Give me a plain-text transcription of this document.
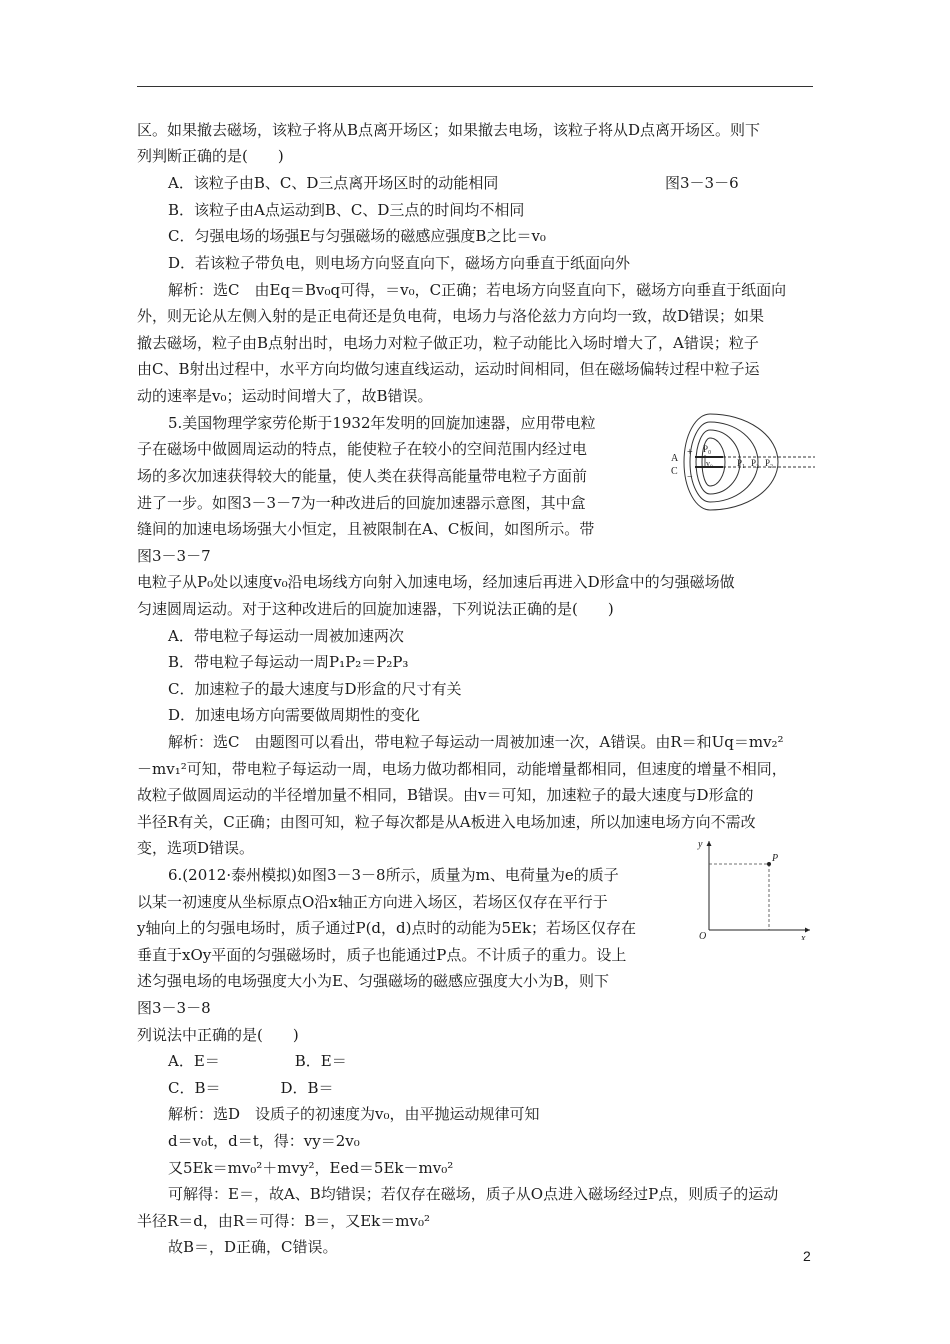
区。如果撤去磁场，该粒子将从B点离开场区；如果撤去电场，该粒子将从D点离开场区。则下
列判断正确的是(　　)
A．该粒子由B、C、D三点离开场区时的动能相同	图3－3－6
B．该粒子由A点运动到B、C、D三点的时间均不相同
C．匀强电场的场强E与匀强磁场的磁感应强度B之比＝v₀
D．若该粒子带负电，则电场方向竖直向下，磁场方向垂直于纸面向外
解析：选C　由Eq＝Bv₀q可得，＝v₀，C正确；若电场方向竖直向下，磁场方向垂直于纸面向
外，则无论从左侧入射的是正电荷还是负电荷，电场力与洛伦兹力方向均一致，故D错误；如果
撤去磁场，粒子由B点射出时，电场力对粒子做正功，粒子动能比入场时增大了，A错误；粒子
由C、B射出过程中，水平方向均做匀速直线运动，运动时间相同，但在磁场偏转过程中粒子运
动的速率是v₀；运动时间增大了，故B错误。
5.美国物理学家劳伦斯于1932年发明的回旋加速器，应用带电粒
子在磁场中做圆周运动的特点，能使粒子在较小的空间范围内经过电
场的多次加速获得较大的能量，使人类在获得高能量带电粒子方面前
进了一步。如图3－3－7为一种改进后的回旋加速器示意图，其中盒
缝间的加速电场场强大小恒定，且被限制在A、C板间，如图所示。带
图3－3－7
电粒子从P₀处以速度v₀沿电场线方向射入加速电场，经加速后再进入D形盒中的匀强磁场做
匀速圆周运动。对于这种改进后的回旋加速器，下列说法正确的是(　　)
A．带电粒子每运动一周被加速两次
B．带电粒子每运动一周P₁P₂＝P₂P₃
C．加速粒子的最大速度与D形盒的尺寸有关
D．加速电场方向需要做周期性的变化
解析：选C　由题图可以看出，带电粒子每运动一周被加速一次，A错误。由R＝和Uq＝mv₂²
－mv₁²可知，带电粒子每运动一周，电场力做功都相同，动能增量都相同，但速度的增量不相同，
故粒子做圆周运动的半径增加量不相同，B错误。由v＝可知，加速粒子的最大速度与D形盒的
半径R有关，C正确；由图可知，粒子每次都是从A板进入电场加速，所以加速电场方向不需改
变，选项D错误。
6.(2012·泰州模拟)如图3－3－8所示，质量为m、电荷量为e的质子
以某一初速度从坐标原点O沿x轴正方向进入场区，若场区仅存在平行于
y轴向上的匀强电场时，质子通过P(d，d)点时的动能为5Ek；若场区仅存在
垂直于xOy平面的匀强磁场时，质子也能通过P点。不计质子的重力。设上
述匀强电场的电场强度大小为E、匀强磁场的磁感应强度大小为B，则下
图3－3－8
列说法中正确的是(　　)
A．E＝　　　　　B．E＝
C．B＝　　　　D．B＝
解析：选D　设质子的初速度为v₀，由平抛运动规律可知
d＝v₀t，d＝t，得：vy＝2v₀
又5Ek＝mv₀²＋mvy²，Eed＝5Ek－mv₀²
可解得：E＝，故A、B均错误；若仅存在磁场，质子从O点进入磁场经过P点，则质子的运动
半径R＝d，由R＝可得：B＝，又Ek＝mv₀²
故B＝，D正确，C错误。
A
C
+
−
P₀
v₀	P₁ P₂ P₃
y
x
O
P
2
